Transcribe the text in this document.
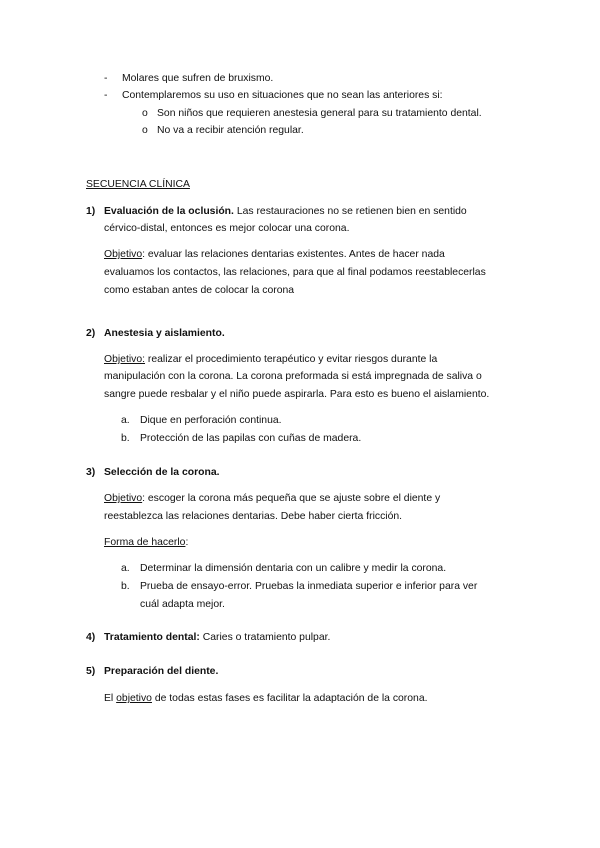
- Molares que sufren de bruxismo.
- Contemplaremos su uso en situaciones que no sean las anteriores si:
o Son niños que requieren anestesia general para su tratamiento dental.
o No va a recibir atención regular.
SECUENCIA CLÍNICA
1) Evaluación de la oclusión. Las restauraciones no se retienen bien en sentido
cérvico-distal, entonces es mejor colocar una corona.
Objetivo: evaluar las relaciones dentarias existentes. Antes de hacer nada
evaluamos los contactos, las relaciones, para que al final podamos reestablecerlas
como estaban antes de colocar la corona
2) Anestesia y aislamiento.
Objetivo: realizar el procedimiento terapéutico y evitar riesgos durante la
manipulación con la corona. La corona preformada si está impregnada de saliva o
sangre puede resbalar y el niño puede aspirarla. Para esto es bueno el aislamiento.
a. Dique en perforación continua.
b. Protección de las papilas con cuñas de madera.
3) Selección de la corona.
Objetivo: escoger la corona más pequeña que se ajuste sobre el diente y
reestablezca las relaciones dentarias. Debe haber cierta fricción.
Forma de hacerlo:
a. Determinar la dimensión dentaria con un calibre y medir la corona.
b. Prueba de ensayo-error. Pruebas la inmediata superior e inferior para ver
cuál adapta mejor.
4) Tratamiento dental: Caries o tratamiento pulpar.
5) Preparación del diente.
El objetivo de todas estas fases es facilitar la adaptación de la corona.
